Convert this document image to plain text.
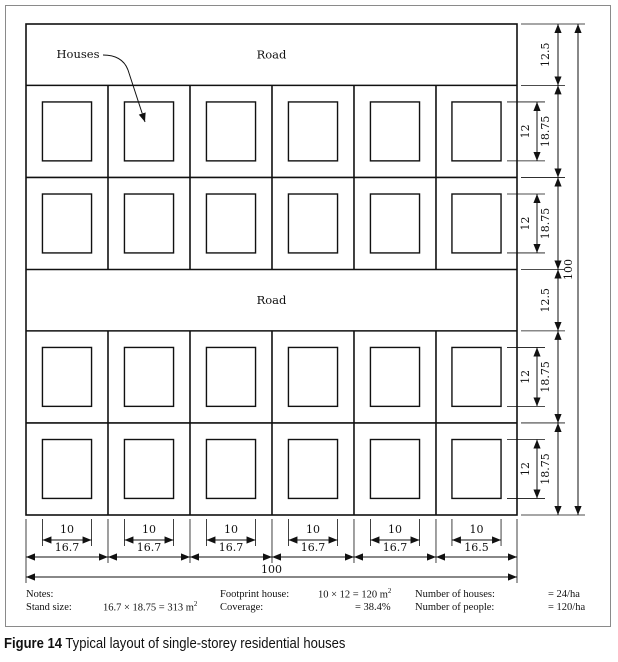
Road
Road
Houses
10
16.7
10
16.7
10
16.7
10
16.7
10
16.7
10
16.5
100
12.5
18.75
12
18.75
12
12.5
18.75
12
18.75
12
100
Notes:
Stand size:	16.7 × 18.75 = 313 $m^2$
Footprint house:	10 × 12 = 120 $m^2$
Coverage:	= 38.4%
Number of houses:	= 24/ha
Number of people:	= 120/ha
Figure 14 Typical layout of single-storey residential houses
